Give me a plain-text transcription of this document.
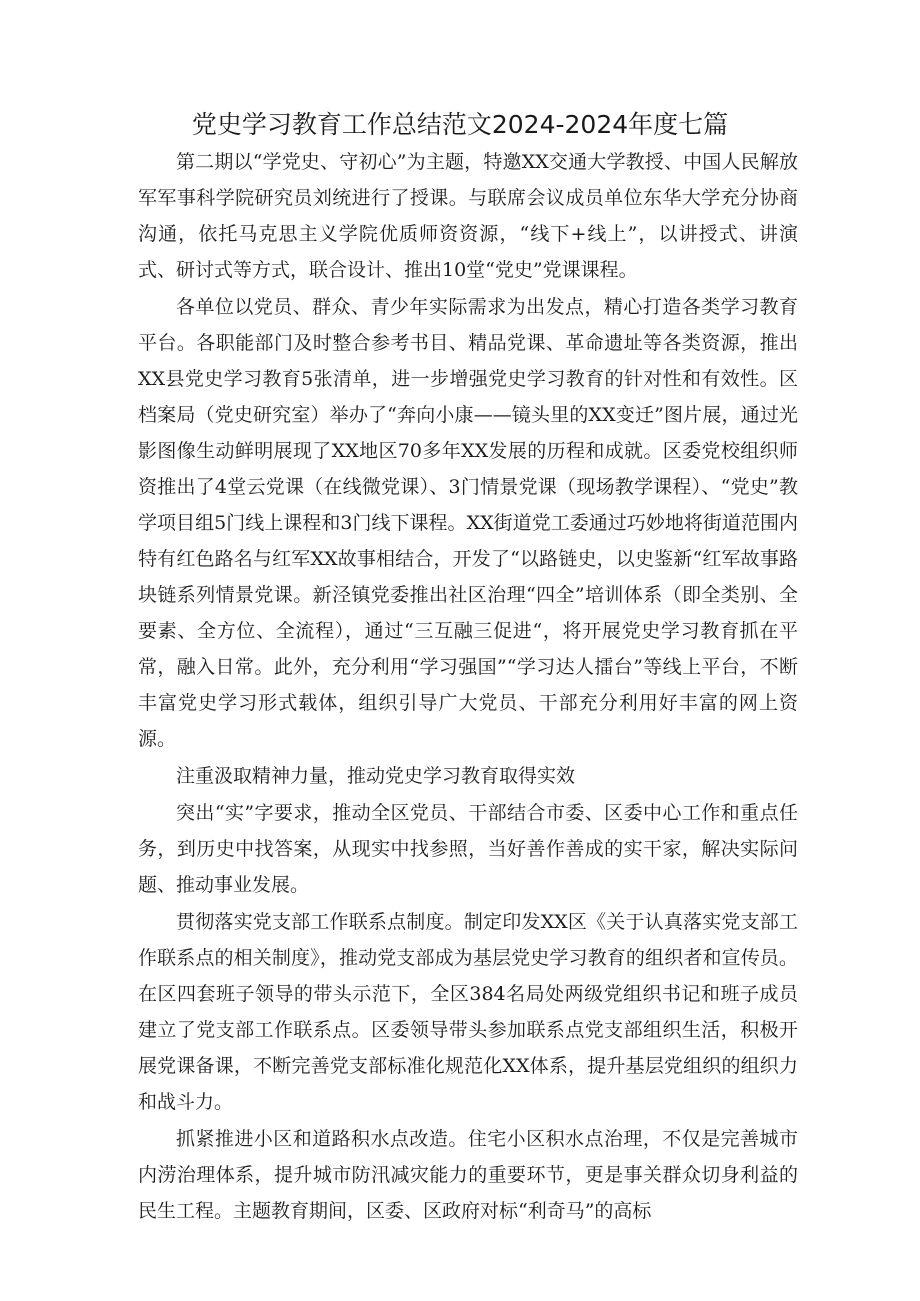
党史学习教育工作总结范文2024-2024年度七篇

第二期以“学党史、守初心”为主题，特邀XX交通大学教授、中国人民解放军军事科学院研究员刘统进行了授课。与联席会议成员单位东华大学充分协商沟通，依托马克思主义学院优质师资资源，“线下+线上”，以讲授式、讲演式、研讨式等方式，联合设计、推出10堂“党史”党课课程。

各单位以党员、群众、青少年实际需求为出发点，精心打造各类学习教育平台。各职能部门及时整合参考书目、精品党课、革命遗址等各类资源，推出XX县党史学习教育5张清单，进一步增强党史学习教育的针对性和有效性。区档案局（党史研究室）举办了“奔向小康——镜头里的XX变迁”图片展，通过光影图像生动鲜明展现了XX地区70多年XX发展的历程和成就。区委党校组织师资推出了4堂云党课（在线微党课）、3门情景党课（现场教学课程）、“党史”教学项目组5门线上课程和3门线下课程。XX街道党工委通过巧妙地将街道范围内特有红色路名与红军XX故事相结合，开发了“以路链史，以史鉴新“红军故事路块链系列情景党课。新泾镇党委推出社区治理“四全”培训体系（即全类别、全要素、全方位、全流程），通过“三互融三促进“，将开展党史学习教育抓在平常，融入日常。此外，充分利用“学习强国”“学习达人擂台”等线上平台，不断丰富党史学习形式载体，组织引导广大党员、干部充分利用好丰富的网上资源。

注重汲取精神力量，推动党史学习教育取得实效

突出“实”字要求，推动全区党员、干部结合市委、区委中心工作和重点任务，到历史中找答案，从现实中找参照，当好善作善成的实干家，解决实际问题、推动事业发展。

贯彻落实党支部工作联系点制度。制定印发XX区《关于认真落实党支部工作联系点的相关制度》，推动党支部成为基层党史学习教育的组织者和宣传员。在区四套班子领导的带头示范下，全区384名局处两级党组织书记和班子成员建立了党支部工作联系点。区委领导带头参加联系点党支部组织生活，积极开展党课备课，不断完善党支部标准化规范化XX体系，提升基层党组织的组织力和战斗力。

抓紧推进小区和道路积水点改造。住宅小区积水点治理，不仅是完善城市内涝治理体系，提升城市防汛减灾能力的重要环节，更是事关群众切身利益的民生工程。主题教育期间，区委、区政府对标“利奇马”的高标
